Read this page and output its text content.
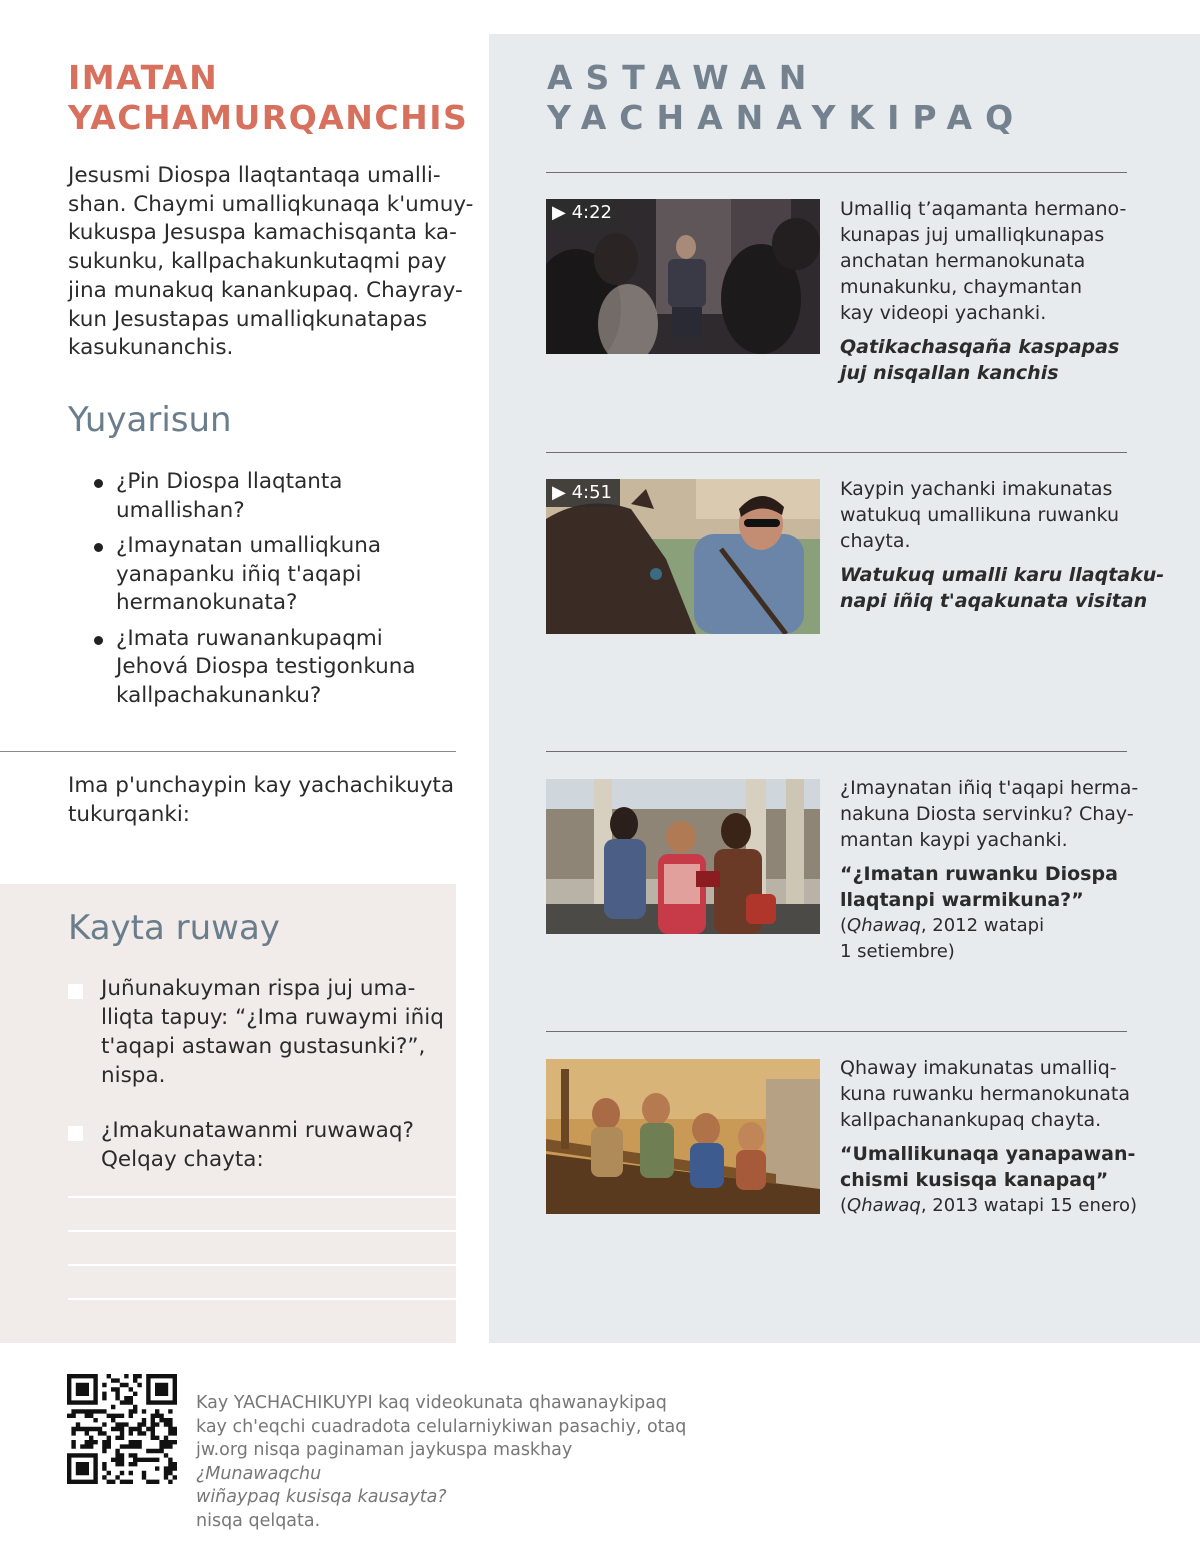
IMATAN
YACHAMURQANCHIS
Jesusmi Diospa llaqtantaqa umalli-
shan. Chaymi umalliqkunaqa k'umuy-
kukuspa Jesuspa kamachisqanta ka-
sukunku, kallpachakunkutaqmi pay
jina munakuq kanankupaq. Chayray-
kun Jesustapas umalliqkunatapas
kasukunanchis.
Yuyarisun
¿Pin Diospa llaqtanta
umallishan?
¿Imaynatan umalliqkuna
yanapanku iñiq t'aqapi
hermanokunata?
¿Imata ruwanankupaqmi
Jehová Diospa testigonkuna
kallpachakunanku?
Ima p'unchaypin kay yachachikuyta
tukurqanki:
Kayta ruway
Juñunakuyman rispa juj uma-
lliqta tapuy: “¿Ima ruwaymi iñiq
t'aqapi astawan gustasunki?”,
nispa.
¿Imakunatawanmi ruwawaq?
Qelqay chayta:
ASTAWAN
YACHANAYKIPAQ
▶ 4:22	Umalliq t’aqamanta hermano-
kunapas juj umalliqkunapas
anchatan hermanokunata
munakunku, chaymantan
kay videopi yachanki.
Qatikachasqaña kaspapas
juj nisqallan kanchis
▶ 4:51	Kaypin yachanki imakunatas
watukuq umallikuna ruwanku
chayta.
Watukuq umalli karu llaqtaku-
napi iñiq t'aqakunata visitan
¿Imaynatan iñiq t'aqapi herma-
nakuna Diosta servinku? Chay-
mantan kaypi yachanki.
“¿Imatan ruwanku Diospa
llaqtanpi warmikuna?”
(Qhawaq, 2012 watapi
1 setiembre)
Qhaway imakunatas umalliq-
kuna ruwanku hermanokunata
kallpachanankupaq chayta.
“Umallikunaqa yanapawan-
chismi kusisqa kanapaq”
(Qhawaq, 2013 watapi 15 enero)
Kay YACHACHIKUYPI kaq videokunata qhawanaykipaq
kay ch'eqchi cuadradota celularniykiwan pasachiy, otaq
jw.org nisqa paginaman jaykuspa maskhay
¿Munawaqchu
wiñaypaq kusisqa kausayta?
nisqa qelqata.
